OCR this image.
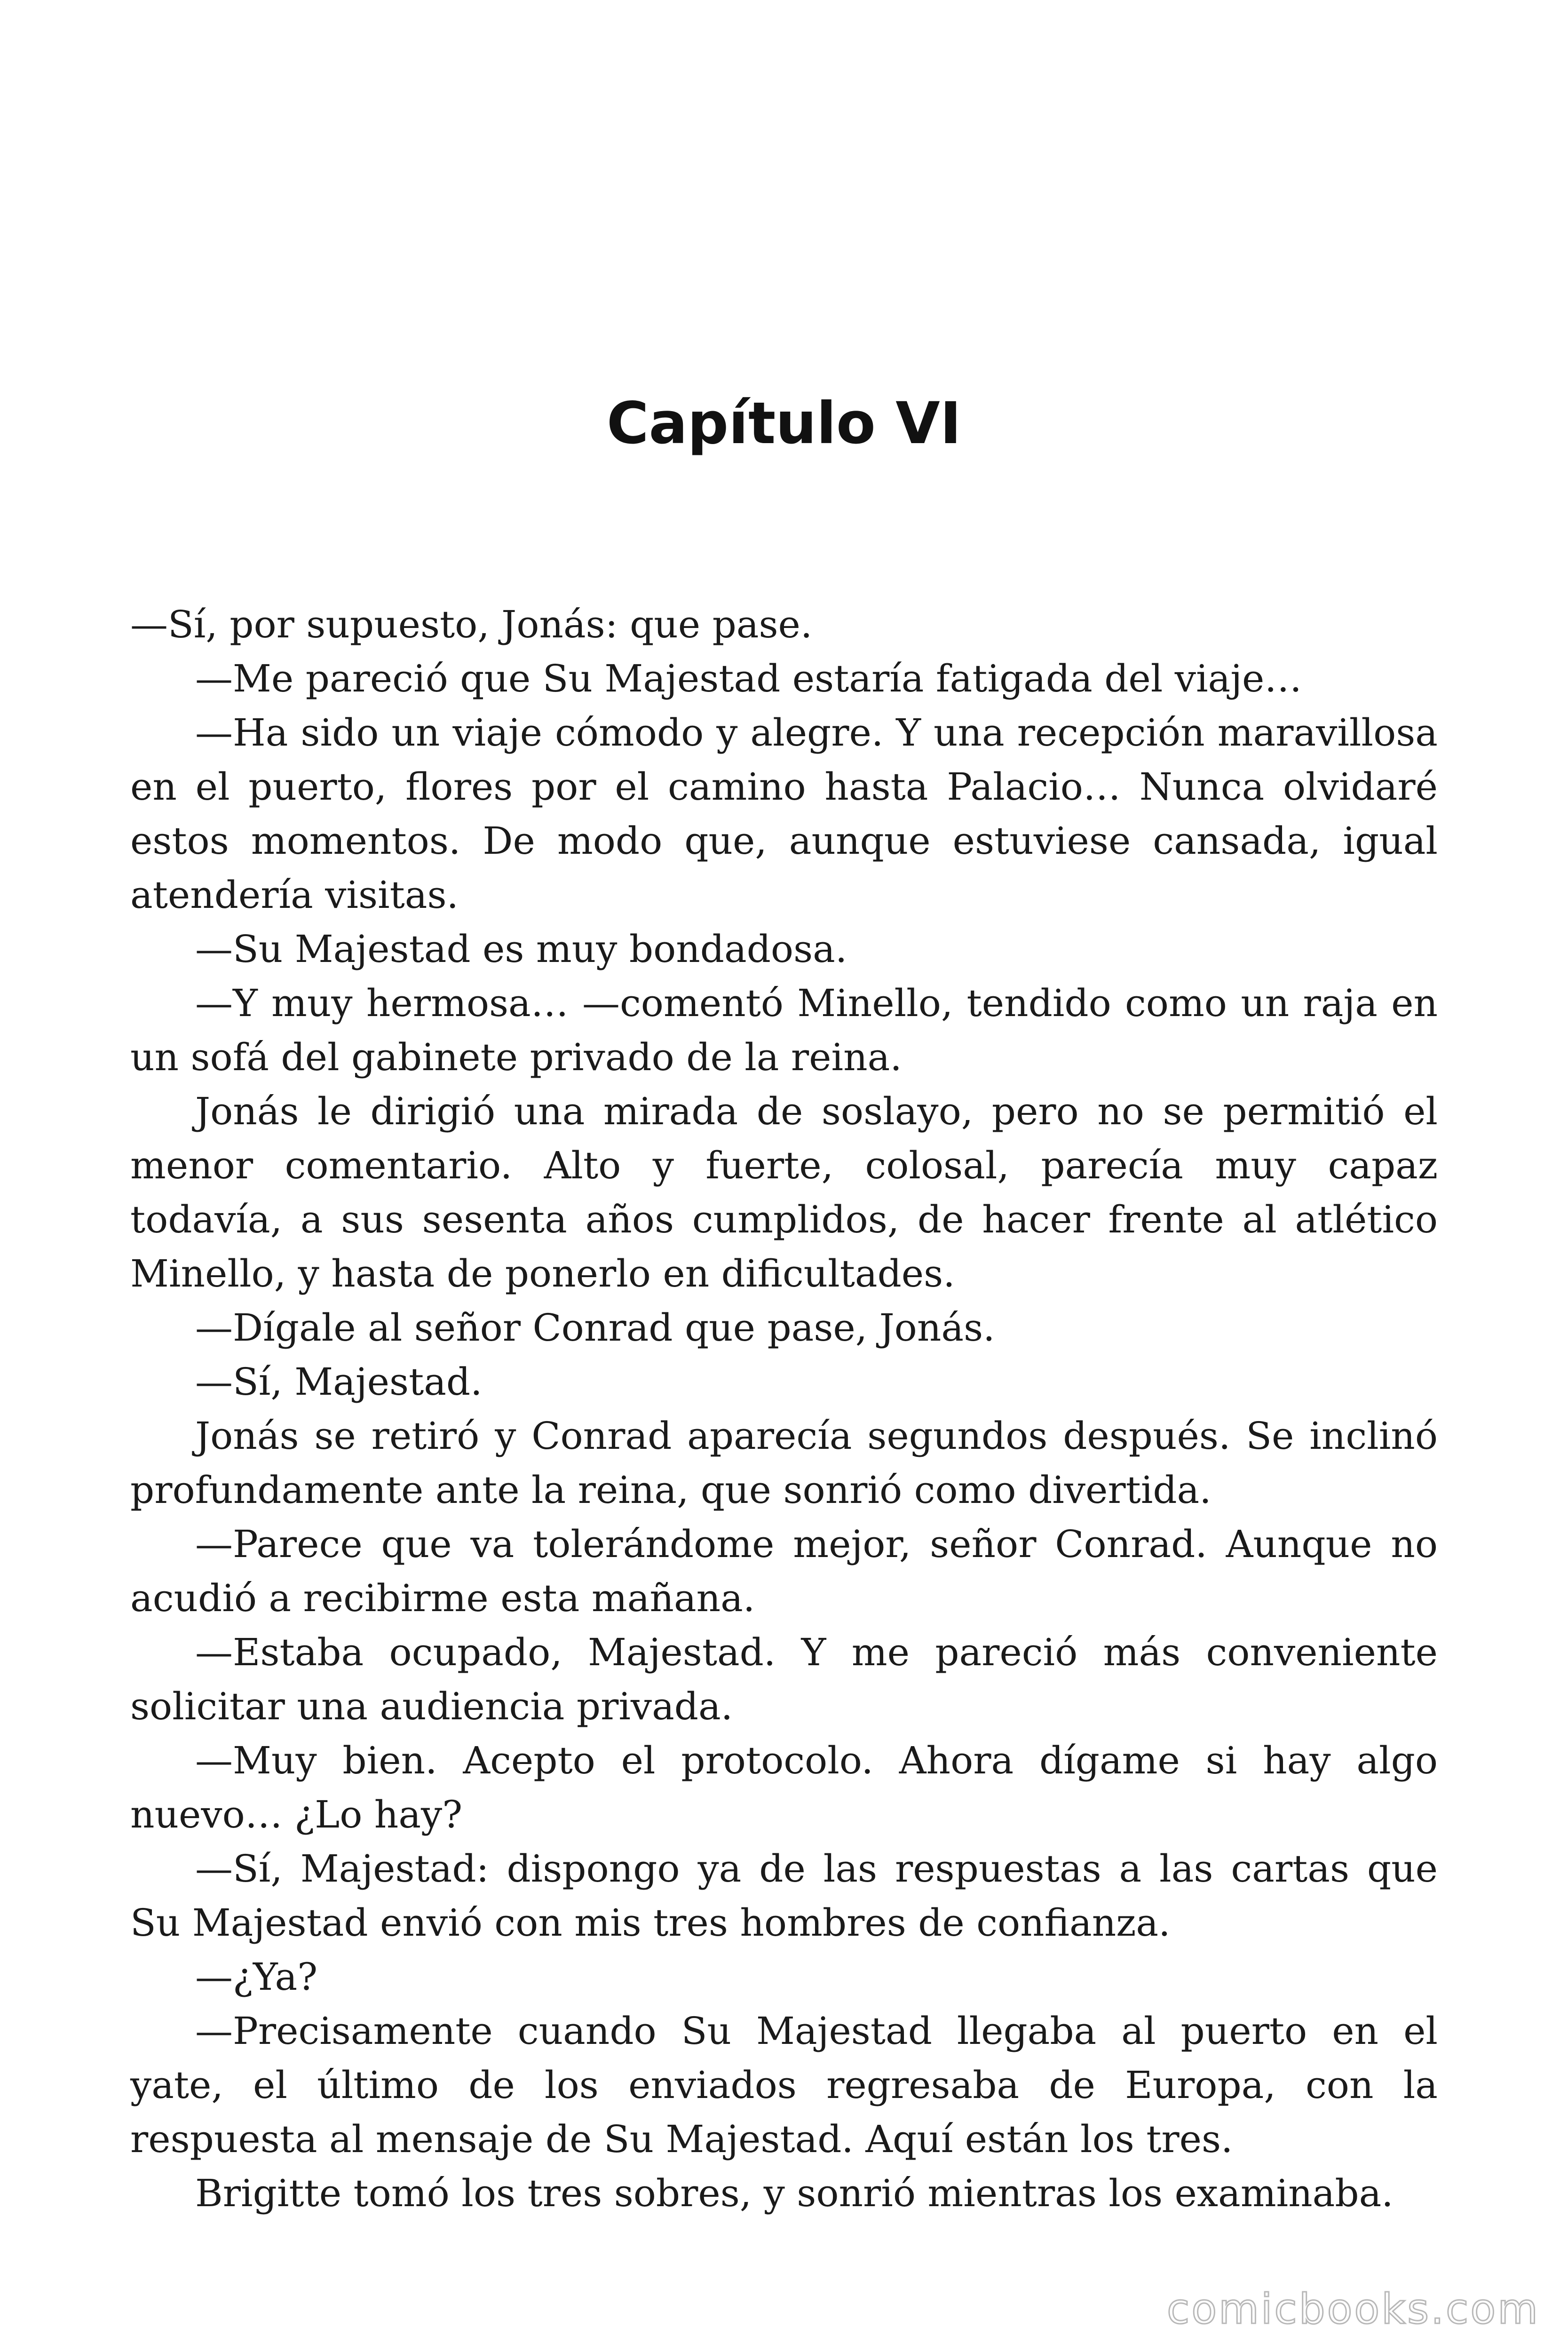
Capítulo VI

—Sí, por supuesto, Jonás: que pase.

—Me pareció que Su Majestad estaría fatigada del viaje…

—Ha sido un viaje cómodo y alegre. Y una recepción maravillosa en el puerto, flores por el camino hasta Palacio… Nunca olvidaré estos momentos. De modo que, aunque estuviese cansada, igual atendería visitas.

—Su Majestad es muy bondadosa.

—Y muy hermosa… —comentó Minello, tendido como un raja en un sofá del gabinete privado de la reina.

Jonás le dirigió una mirada de soslayo, pero no se permitió el menor comentario. Alto y fuerte, colosal, parecía muy capaz todavía, a sus sesenta años cumplidos, de hacer frente al atlético Minello, y hasta de ponerlo en dificultades.

—Dígale al señor Conrad que pase, Jonás.

—Sí, Majestad.

Jonás se retiró y Conrad aparecía segundos después. Se inclinó profundamente ante la reina, que sonrió como divertida.

—Parece que va tolerándome mejor, señor Conrad. Aunque no acudió a recibirme esta mañana.

—Estaba ocupado, Majestad. Y me pareció más conveniente solicitar una audiencia privada.

—Muy bien. Acepto el protocolo. Ahora dígame si hay algo nuevo… ¿Lo hay?

—Sí, Majestad: dispongo ya de las respuestas a las cartas que Su Majestad envió con mis tres hombres de confianza.

—¿Ya?

—Precisamente cuando Su Majestad llegaba al puerto en el yate, el último de los enviados regresaba de Europa, con la respuesta al mensaje de Su Majestad. Aquí están los tres.

Brigitte tomó los tres sobres, y sonrió mientras los examinaba.

comicbooks.com
